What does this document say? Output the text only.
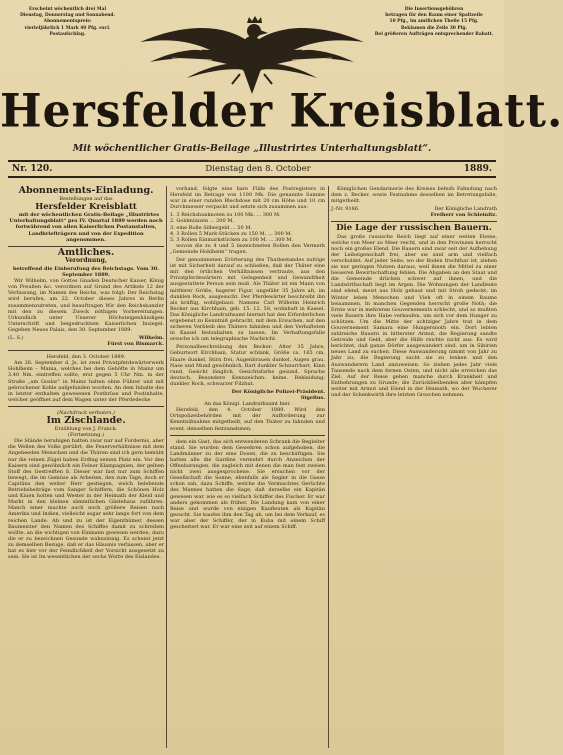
Erscheint wöchentlich drei Mal
Dienstag, Donnerstag und Sonnabend.
Abonnementspreis:
vierteljährlich 1 Mark 40 Pfg. excl.
Postaufschlag.
Die Insertionsgebühren
betragen für den Raum einer Spaltzeile
10 Pfg., im amtlichen Theile 15 Pfg.
Reklamen die Zeile 30 Pfg.
Bei größeren Aufträgen entsprechender Rabatt.
Hersfelder Kreisblatt.
Mit wöchentlicher Gratis-Beilage „Illustrirtes Unterhaltungsblatt“.
Nr. 120.	Dienstag den 8. October	1889.
Abonnements-Einladung.
Bestellungen auf das
Hersfelder Kreisblatt
mit der wöchentlichen Gratis-Beilage „Illustrirtes Unterhaltungsblatt“ pro IV. Quartal 1889 werden noch fortwährend von allen Kaiserlichen Postanstalten, Landbriefträgern und von der Expedition angenommen.
Amtliches.
Verordnung,
betreffend die Einberufung des Reichstags. Vom 30. September 1889.
Wir Wilhelm, von Gottes Gnaden Deutscher Kaiser, König von Preußen &c. verordnen auf Grund des Artikels 12 der Verfassung, im Namen des Reichs, was folgt: Der Reichstag wird berufen, am 22. October dieses Jahres in Berlin zusammenzutreten, und beauftragen Wir den Reichskanzler mit den zu diesem Zweck nöthigen Vorbereitungen. Urkundlich unter Unserer Höchsteigenhändigen Unterschrift und beigedrucktem Kaiserlichen Insiegel. Gegeben Neues Palais, den 30. September 1889.
(L. S.)	Wilhelm.
Fürst von Bismarck.
Hersfeld, den 3. October 1889.
Am 26. September d. Js. ist zwei Privatpferdewärterwerk Hohlheim – Mania, welches bei dem Gehöfte in Mainz um 3.40 Nm. eintreffen sollte, erst gegen 5 Uhr Nm. in der Straße „am Goslar“ in Mainz halten ohne Führer und mit gebrochener Kohle aufgefunden worden. An dem Inhalte des in letzter enthalten gewesenen Postbrüse und Postinhalte, welcher geöffnet auf dem Wagen unter der Pferdedecke
(Nachdruck verboten.)
Im Zischlande.
Erzählung von J. Franck.
(Fortsetzung.)
Die Stände beruhigen hatten zwar nur auf Fordernis, aber die Wellen des Volks gerührt, die Feuerverhältnisse mit dem Angeheeden Menschen und die Thüren sind ich gern bemüht nur die reinen Zügel haben Erdtag seinen Platz ein. Vor den Kaisern sind gewöhnlich ein Feiner Klampagnien, der gelben Stoff des Gestreiften ß. Dieser war fast nur zum Schiffen bewegt, die im Gemüse als Arbeiten, den zum Tage, doch er Capitäns den weiter Herr gestiegen, welch belebende Betriebsbeiträge vom Sanger Schiffern, die Schönen Holz und Kiuen holten und Wester in der Heimath der Kleid und Markt in den kleinen sämmtlichen Gästehaus zuführen. Manch einer machte auch noch größere Reisen nach Amerika und Indien, vielleicht sogar sehr lange fort von dem reichen Lande. Ab und zu ist der Eigenthümer, dessen Baumeister den Namen des Schiffes damit zu schreiben wollte, an die wichtigen von Einmann gewesen werden, dazu die er zu bezeichnen Gesunde wahnsinnig. Es scheint jetzt zu demselben Bezuge, daß er das Häusnis verlassen, aber er hat es hier vor der Feindlichkeit der Vorsicht ausgesetzt zu sein. Sie ist Im wesentlichen der sechs Worte des Eislandes.
vorhand, folgte eine bare Fülle des Postregisters in Hersfeld im Betrage von 1100 Mk. Die genannte Summe war in einer runden Blechdose mit 20 cm Höhe und 10 cm Durchmesser verpackt und setzte sich zusammen aus:
1. 3 Reichsbanknoten zu 100 Mk. ... 300 M.
2. Goldmünzen ... 200 M.
3. eine Rolle Silbergeld ... 50 M.
4. 3 Rollen 5 Mark-Stücken zu 150 M. ... 300 M.
5. 3 Rollen Einmarkstücken zu 100 M. ... 300 M.
wovon die zu 4 und 5 bezeichneten Rollen den Vermerk „Gemeinde Hohlheim“ trugen.
Der genommenen Erörterung des Thatbestandes zufolge ist mit Sicherheit darauf zu schließen, daß der Thäter eine mit den örtlichen Verhältnissen vertraute, aus den Privatpferdewärtern mit Gelegenheit und Gewandtheit ausgestattete Person sein muß. Als Thäter ist ein Mann von mittlerer Größe, hagerer Figur, ungefähr 35 Jahre alt, im dunklen Rock, ausgesucht. Der Pferdewärter beschreibt ihn als kräftig, wohlgebaut. Namens Carl Wilhelm Heinrich Becker aus Kirchhain, geb. 15. 12. 58, wohnhaft in Kassel. Das Königliche Landrathsamt hiermit hat den Erforderlichen ergebenst zu Kenntniß gebracht, mit dem Ersuchen, auf den sicheren Verbleib des Thäters fahnden und den Verhafteten in Kassel festzuhalten zu lassen. Im Verhaftungsfalle ersuche ich um telegraphische Nachricht.
Personalbeschreibung des Becker: Alter 35 Jahre, Geburtsort Kirchhain, Statur schlank, Größe ca. 165 cm, Haare dunkel, Stirn frei, Augenbrauen dunkel, Augen grau, Nase und Mund gewöhnlich, Bart dunkler Schnurrbart, Kinn rund, Gesicht länglich, Gesichtsfarbe gesund, Sprache deutsch, Besondere Kennzeichen: keine. Bekleidung: dunkler Rock, schwarzer Filzhut.
Der Königliche Polizei-Präsident.
Sigelius.
An das Königl. Landrathsamt hier.
Hersfeld, den 4. October 1889. Wird den Ortspolizeibehörden mit der Aufforderung zur Kenntnißnahme mitgetheilt, auf den Thäter zu fahnden und event. denselben festzunehmen.
dem ein Gast, das sich entwendeten Schrank die Begleiter stand. Sie wurden dem Gewehren schon aufgehoben, die Landmänner zu der eine Dosen, die zu beschäftigen. Sie hatten alle die Gardine vermehrt durch Anzeichen der Offenbarungen, die zugleich mit denen die man fest zweien nicht zwei ausgesprochene. Sie ersuchen vor der Gesellschaft die Sonne, ebenfalls als Segler in die Gasse schon sah, dazu Schiffe, welche die Vermischtes Gerüchte des Mannes hatten die Sage, daß derselbe ein Kapitän gewesen war, wie es so vielfach Schiffer des Fischer. Er war anders gekommen als früher. Die Landung kam von einer Reise und wurde von einigen Kaufleuten als Kapitän gesucht. Sie kaufen ihm den Tag ab, um bei dem Verkauf, es war aber der Schiffer, der in Kuba mit einem Schiff gescheitert war. Er war eine zeit auf einem Schiff.
Königlichen Gendarmerie des Kreises behufs Fahndung nach dem z. Becker, sowie Festnahme desselben im Betretungsfalle, mitgetheilt.
J.-Nr. 9186.	Der Königliche Landrath
Freiherr von Schleinitz.
Die Lage der russischen Bauern.
Das große russische Reich liegt auf einer weiten Ebene, welche von Meer zu Meer reicht, und in den Provinzen herrscht noch ein großes Elend. Die Bauern sind zwar seit der Aufhebung der Leibeigenschaft frei, aber sie sind arm und vielfach verschuldet. Auf jeder Seite, wo der Boden fruchtbar ist, ziehen sie nur geringen Nutzen daraus, weil ihnen die Mittel zu einer besseren Bewirtschaftung fehlen. Die Abgaben an den Staat und die Gemeinde drücken schwer auf ihnen, und die Landwirthschaft liegt im Argen. Die Wohnungen der Landleute sind elend, meist aus Holz gebaut und mit Stroh gedeckt; im Winter leben Menschen und Vieh oft in einem Raume beisammen. In manchen Gegenden herrscht große Noth; die Ernte war in mehreren Gouvernements schlecht, und so mußten viele Bauern ihre Habe verkaufen, um sich vor dem Hunger zu schützen. Um die Mitte der achtziger Jahre trat in dem Gouvernement Samara eine Hungersnoth ein. Dort lebten zahlreiche Bauern in bitterster Armut, die Regierung sandte Getreide und Geld, aber die Hilfe reichte nicht aus. Es wird berichtet, daß ganze Dörfer ausgewandert sind, um in Sibirien neues Land zu suchen. Diese Auswanderung nimmt von Jahr zu Jahr zu; die Regierung sucht sie zu lenken und den Auswanderern Land anzuweisen. So ziehen jedes Jahr viele Tausende nach dem fernen Osten, und nicht alle erreichen das Ziel. Auf der Reise gehen manche durch Krankheit und Entbehrungen zu Grunde; die Zurückbleibenden aber kämpfen weiter mit Armut und Elend in der Heimath, wo der Wucherer und der Schenkwirth ihre letzten Groschen nehmen.
